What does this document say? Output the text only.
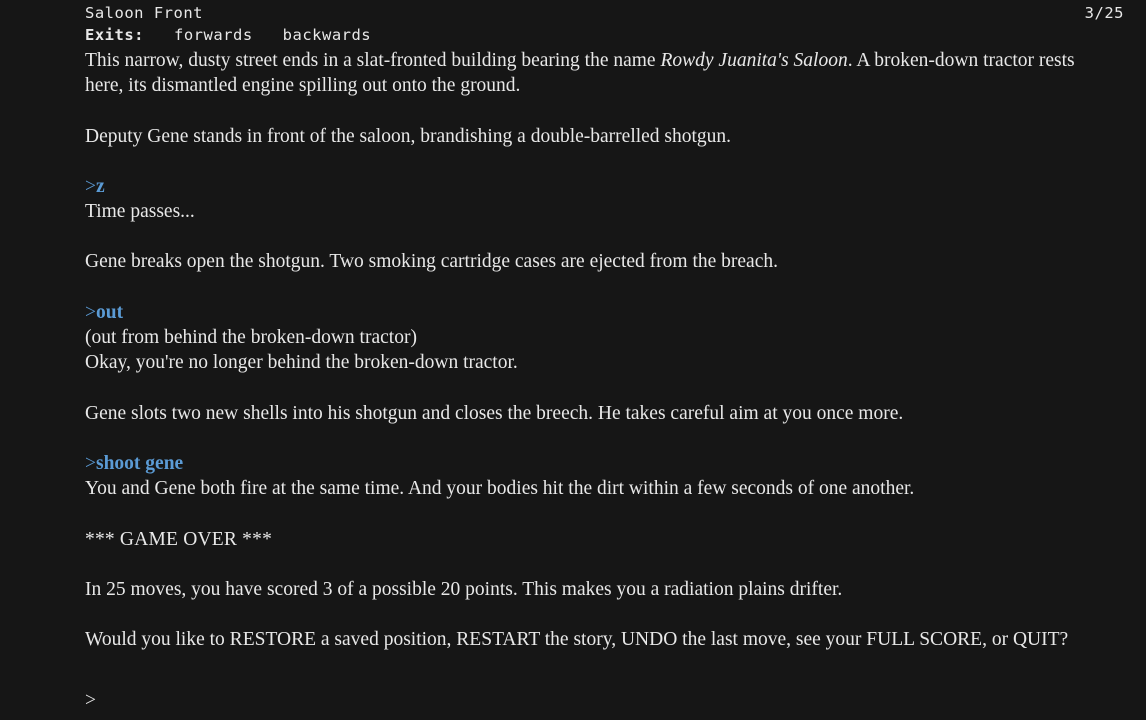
Saloon Front	3/25
Exits: forwards backwards
This narrow, dusty street ends in a slat-fronted building bearing the name Rowdy Juanita's Saloon. A broken-down tractor rests
here, its dismantled engine spilling out onto the ground.
Deputy Gene stands in front of the saloon, brandishing a double-barrelled shotgun.
>z
Time passes...
Gene breaks open the shotgun. Two smoking cartridge cases are ejected from the breach.
>out
(out from behind the broken-down tractor)
Okay, you're no longer behind the broken-down tractor.
Gene slots two new shells into his shotgun and closes the breech. He takes careful aim at you once more.
>shoot gene
You and Gene both fire at the same time. And your bodies hit the dirt within a few seconds of one another.
*** GAME OVER ***
In 25 moves, you have scored 3 of a possible 20 points. This makes you a radiation plains drifter.
Would you like to RESTORE a saved position, RESTART the story, UNDO the last move, see your FULL SCORE, or QUIT?
>
